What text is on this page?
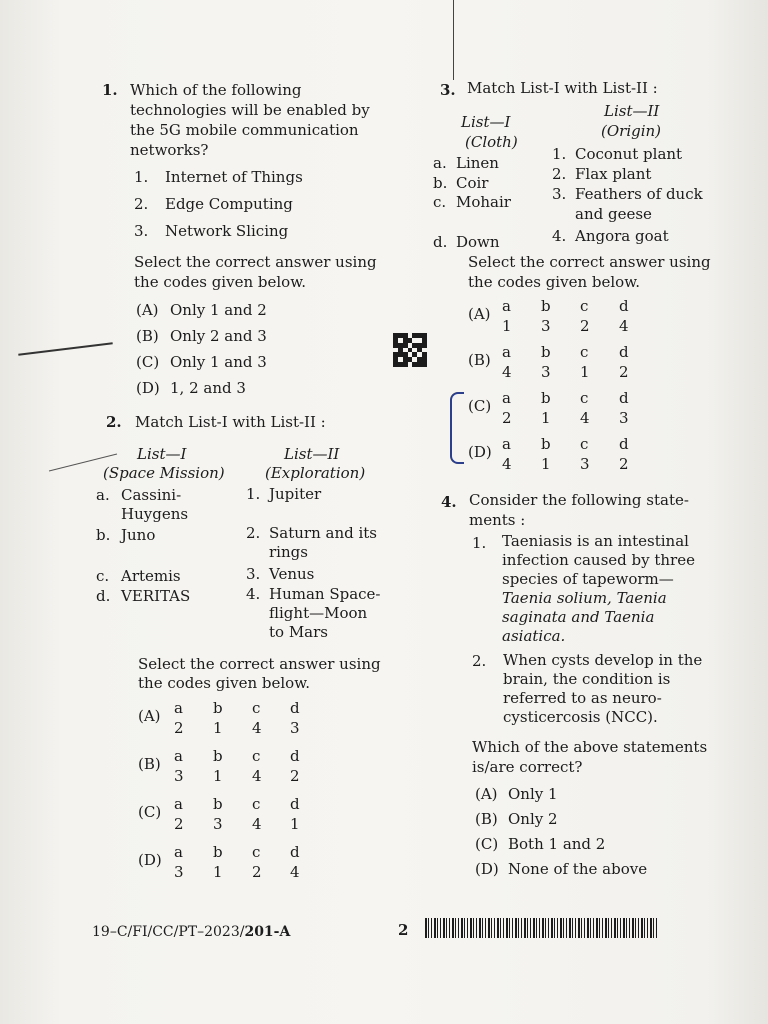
1. Which of the following
technologies will be enabled by
the 5G mobile communication
networks?
1. Internet of Things
2. Edge Computing
3. Network Slicing
Select the correct answer using
the codes given below.
(A) Only 1 and 2
(B) Only 2 and 3
(C) Only 1 and 3
(D) 1, 2 and 3
2. Match List-I with List-II :
List—I
(Space Mission)
List—II
(Exploration)
a. Cassini-
Huygens
b. Juno
c. Artemis
d. VERITAS
1. Jupiter
2. Saturn and its
rings
3. Venus
4. Human Space-
flight—Moon
to Mars
Select the correct answer using
the codes given below.
(A) a
2
b
1
c
4
d
3
(B) a
3
b
1
c
4
d
2
(C) a
2
b
3
c
4
d
1
(D) a
3
b
1
c
2
d
4
3. Match List-I with List-II :
List—I
(Cloth)
List—II
(Origin)
a. Linen
b. Coir
c. Mohair
d. Down
1. Coconut plant
2. Flax plant
3. Feathers of duck
and geese
4. Angora goat
Select the correct answer using
the codes given below.
(A) a
1
b
3
c
2
d
4
(B) a
4
b
3
c
1
d
2
(C) a
2
b
1
c
4
d
3
(D) a
4
b
1
c
3
d
2
4. Consider the following state-
ments :
1. Taeniasis is an intestinal
infection caused by three
species of tapeworm—
Taenia solium, Taenia
saginata and Taenia
asiatica.
2. When cysts develop in the
brain, the condition is
referred to as neuro-
cysticercosis (NCC).
Which of the above statements
is/are correct?
(A) Only 1
(B) Only 2
(C) Both 1 and 2
(D) None of the above
19–C/FI/CC/PT–2023/201-A	2
